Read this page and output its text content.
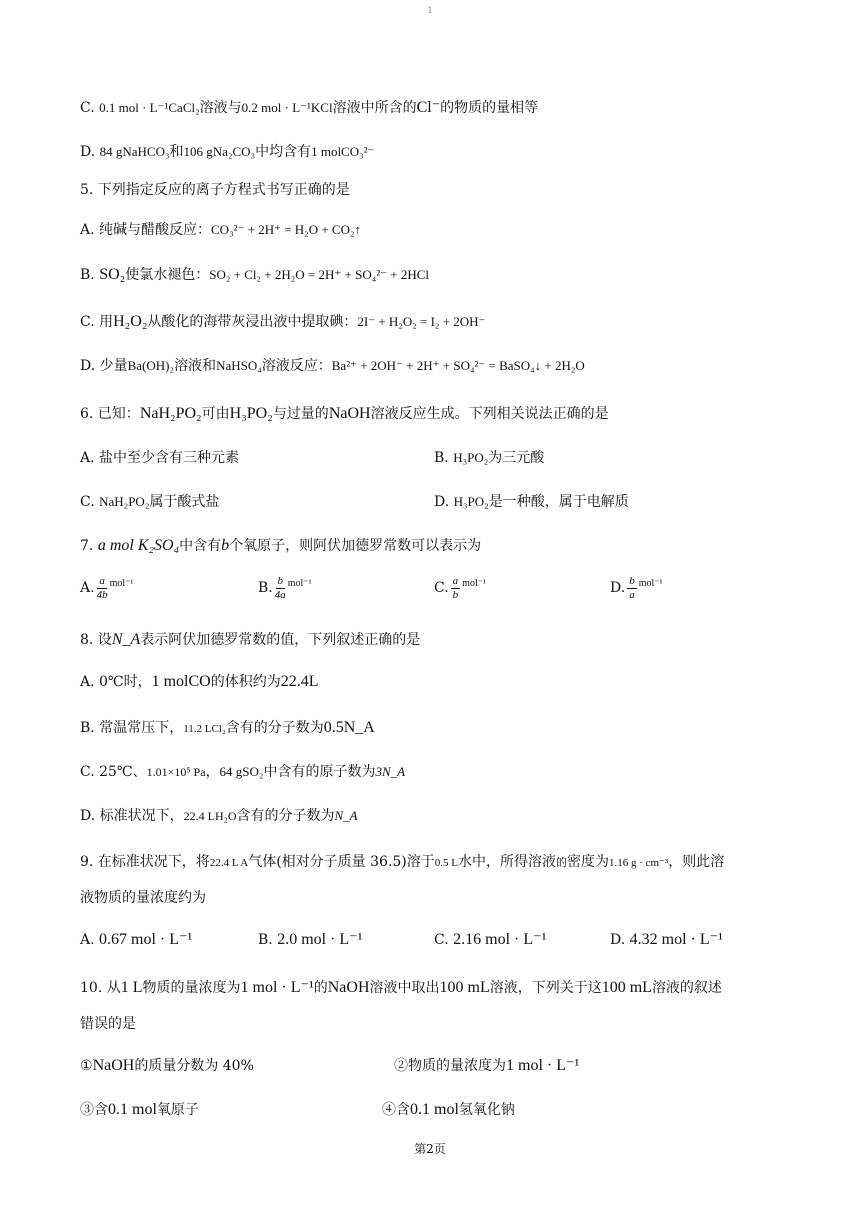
1
C. 0.1 mol · L⁻¹CaCl₂溶液与0.2 mol · L⁻¹KCl溶液中所含的Cl⁻的物质的量相等
D. 84 gNaHCO₃和106 gNa₂CO₃中均含有1 molCO₃²⁻
5. 下列指定反应的离子方程式书写正确的是
A. 纯碱与醋酸反应：CO₃²⁻ + 2H⁺ = H₂O + CO₂↑
B. SO₂使氯水褪色：SO₂ + Cl₂ + 2H₂O = 2H⁺ + SO₄²⁻ + 2HCl
C. 用H₂O₂从酸化的海带灰浸出液中提取碘：2I⁻ + H₂O₂ = I₂ + 2OH⁻
D. 少量Ba(OH)₂溶液和NaHSO₄溶液反应：Ba²⁺ + 2OH⁻ + 2H⁺ + SO₄²⁻ = BaSO₄↓ + 2H₂O
6. 已知：NaH₂PO₂可由H₃PO₂与过量的NaOH溶液反应生成。下列相关说法正确的是
A. 盐中至少含有三种元素	B. H₃PO₂为三元酸
C. NaH₂PO₂属于酸式盐	D. H₃PO₂是一种酸，属于电解质
7. a mol K₂SO₄中含有b个氧原子，则阿伏加德罗常数可以表示为
A. $\frac{a}{4b} ^{mol^{-1}}$	B. $\frac{b}{4a} ^{mol^{-1}}$	C. $\frac{a}{b} ^{mol^{-1}}$	D. $\frac{b}{a} ^{mol^{-1}}$
8. 设N_A表示阿伏加德罗常数的值，下列叙述正确的是
A. 0℃时，1 molCO的体积约为22.4L
B. 常温常压下，11.2 LCl₂含有的分子数为0.5N_A
C. 25℃、1.01×10⁵ Pa，64 gSO₂中含有的原子数为3N_A
D. 标准状况下，22.4 LH₂O含有的分子数为N_A
9. 在标准状况下，将22.4 L A气体(相对分子质量 36.5)溶于0.5 L水中，所得溶液的密度为1.16 g · cm⁻³，则此溶
液物质的量浓度约为
A. 0.67 mol · L⁻¹	B. 2.0 mol · L⁻¹	C. 2.16 mol · L⁻¹	D. 4.32 mol · L⁻¹
10. 从1 L物质的量浓度为1 mol · L⁻¹的NaOH溶液中取出100 mL溶液，下列关于这100 mL溶液的叙述
错误的是
①NaOH的质量分数为 40%	②物质的量浓度为1 mol · L⁻¹
③含0.1 mol氧原子	④含0.1 mol氢氧化钠
第2页
